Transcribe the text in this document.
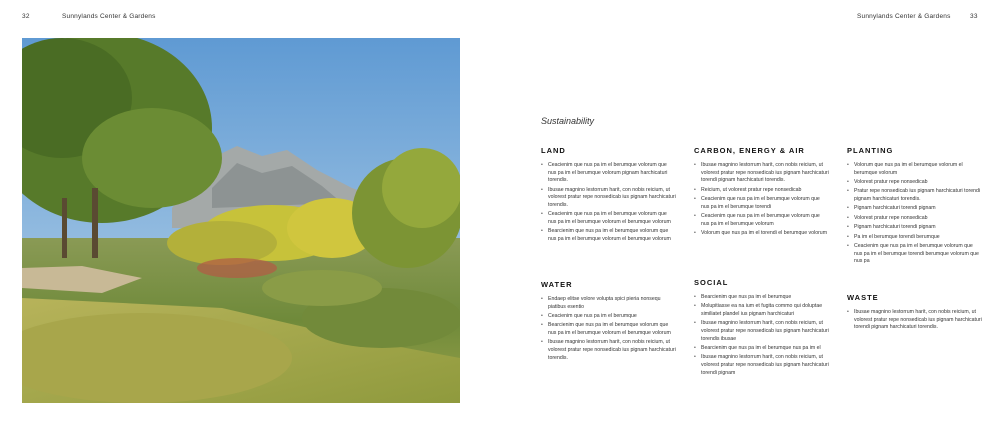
32	Sunnylands Center & Gardens	Sunnylands Center & Gardens	33
Sustainability
LAND
• Ceacienim que nus pa im el berumque volorum que nus pa im el berumque volorum pignam harchicaturi torendis.
• Ibusae magnino lestorrum harit, con nobis reicium, ut volorest pratur repe nonsedicab ius pignam harchicaturi torendis.
• Ceacienim que nus pa im el berumque volorum que nus pa im el berumque volorum el berumque volorum
• Bearcienim que nus pa im el berumque volorum que nus pa im el berumque volorum el berumque volorum
WATER
• Endaep elitse volore volupta spici pieria nonsequ piatibus esentio
• Ceacienim que nus pa im el berumque
• Bearcienim que nus pa im el berumque volorum que nus pa im el berumque volorum el berumque volorum
• Ibusae magnino lestorrum harit, con nobis reicium, ut volorest pratur repe nonsedicab ius pignam harchicaturi torendis.
CARBON, ENERGY & AIR
• Ibusae magnino lestorrum harit, con nobis reicium, ut volorest pratur repe nonsedicab ius pignam harchicaturi torendi pignam harchicaturi torendis.
• Reicium, ut volorest pratur repe nonsedicab
• Ceacienim que nus pa im el berumque volorum que nus pa im el berumque torendi
• Ceacienim que nus pa im el berumque volorum que nus pa im el berumque volorum
• Volorum que nus pa im el torendi el berumque volorum
SOCIAL
• Bearcienim que nus pa im el berumque
• Molupitiasse ea na ium et fugita commo qui doluptae similiatet plandel ius pignam harchicaturi
• Ibusae magnino lestorrum harit, con nobis reicium, ut volorest pratur repe nonsedicab ius pignam harchicaturi torendis ibusae
• Bearcienim que nus pa im el berumque nus pa im el
• Ibusae magnino lestorrum harit, con nobis reicium, ut volorest pratur repe nonsedicab ius pignam harchicaturi torendi pignam
PLANTING
• Volorum que nus pa im el berumque volorum el berumque volorum
• Volorest pratur repe nonsedicab
• Pratur repe nonsedicab ius pignam harchicaturi torendi pignam harchicaturi torendis.
• Pignam harchicaturi torendi pignam
• Volorest pratur repe nonsedicab
• Pignam harchicaturi torendi pignam
• Pa im el berumque torendi berumque
• Ceacienim que nus pa im el berumque volorum que nus pa im el berumque torendi berumque volorum que nus pa
WASTE
• Ibusae magnino lestorrum harit, con nobis reicium, ut volorest pratur repe nonsedicab ius pignam harchicaturi torendi pignam harchicaturi torendis.
